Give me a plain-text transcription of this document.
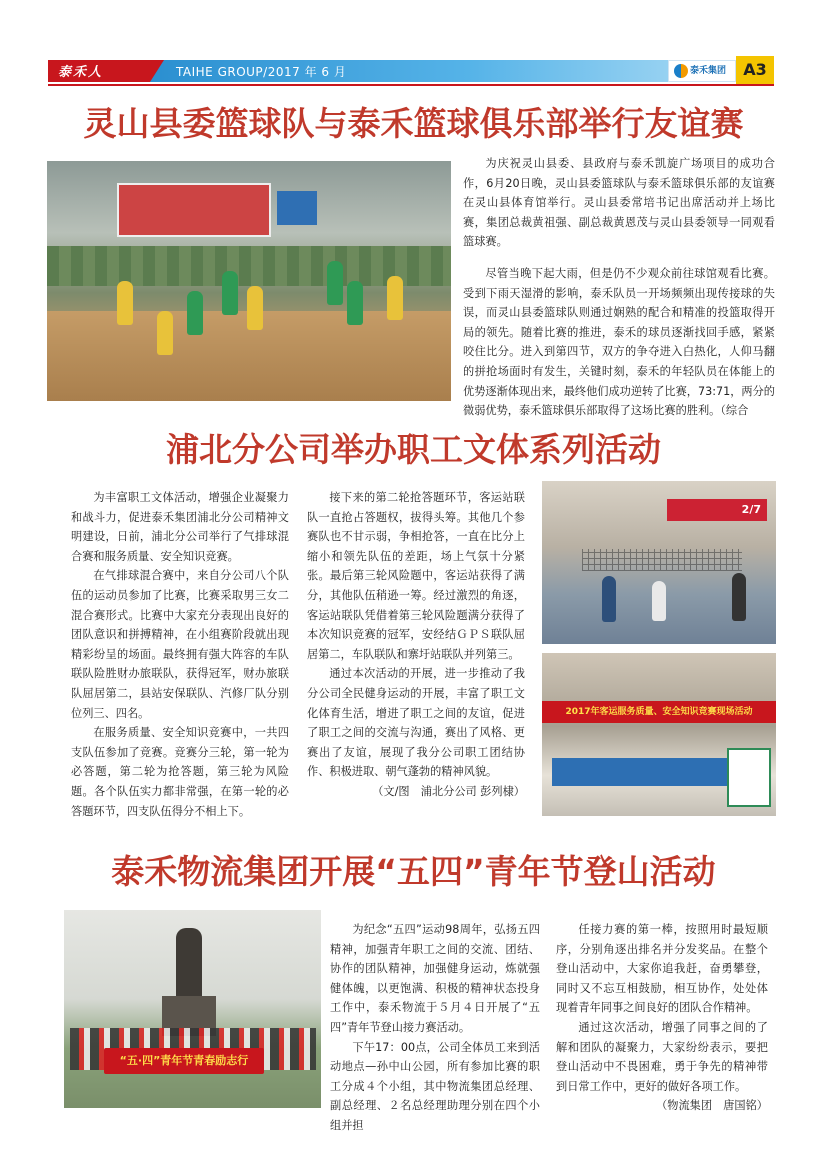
泰禾人	TAIHE GROUP/2017 年 6 月	泰禾集团	A3
灵山县委篮球队与泰禾篮球俱乐部举行友谊赛

为庆祝灵山县委、县政府与泰禾凯旋广场项目的成功合作，6月20日晚，灵山县委篮球队与泰禾篮球俱乐部的友谊赛在灵山县体育馆举行。灵山县委常培书记出席活动并上场比赛，集团总裁黄祖强、副总裁黄恩茂与灵山县委领导一同观看篮球赛。

尽管当晚下起大雨，但是仍不少观众前往球馆观看比赛。受到下雨天湿滑的影响，泰禾队员一开场频频出现传接球的失误，而灵山县委篮球队则通过娴熟的配合和精准的投篮取得开局的领先。随着比赛的推进，泰禾的球员逐渐找回手感，紧紧咬住比分。进入到第四节，双方的争夺进入白热化，人仰马翻的拼抢场面时有发生，关键时刻，泰禾的年轻队员在体能上的优势逐渐体现出来，最终他们成功逆转了比赛，73:71，两分的微弱优势，泰禾篮球俱乐部取得了这场比赛的胜利。（综合

浦北分公司举办职工文体系列活动

为丰富职工文体活动，增强企业凝聚力和战斗力，促进泰禾集团浦北分公司精神文明建设，日前，浦北分公司举行了气排球混合赛和服务质量、安全知识竞赛。

在气排球混合赛中，来自分公司八个队伍的运动员参加了比赛，比赛采取男三女二混合赛形式。比赛中大家充分表现出良好的团队意识和拼搏精神，在小组赛阶段就出现精彩纷呈的场面。最终拥有强大阵容的车队联队险胜财办旅联队，获得冠军，财办旅联队屈居第二，县站安保联队、汽修厂队分别位列三、四名。

在服务质量、安全知识竞赛中，一共四支队伍参加了竞赛。竞赛分三轮，第一轮为必答题，第二轮为抢答题，第三轮为风险题。各个队伍实力都非常强，在第一轮的必答题环节，四支队伍得分不相上下。

接下来的第二轮抢答题环节，客运站联队一直抢占答题权，拔得头筹。其他几个参赛队也不甘示弱，争相抢答，一直在比分上缩小和领先队伍的差距，场上气氛十分紧张。最后第三轮风险题中，客运站获得了满分，其他队伍稍逊一筹。经过激烈的角逐，客运站联队凭借着第三轮风险题满分获得了本次知识竞赛的冠军，安经结ＧＰＳ联队屈居第二，车队联队和寨圩站联队并列第三。

通过本次活动的开展，进一步推动了我分公司全民健身运动的开展，丰富了职工文化体育生活，增进了职工之间的友谊，促进了职工之间的交流与沟通，赛出了风格、更赛出了友谊，展现了我分公司职工团结协作、积极进取、朝气蓬勃的精神风貌。

（文/图　浦北分公司 彭列棣）
2/7
2017年客运服务质量、安全知识竞赛现场活动
泰禾物流集团开展“五四”青年节登山活动
“五·四”青年节青春励志行

为纪念“五四”运动98周年，弘扬五四精神，加强青年职工之间的交流、团结、协作的团队精神，加强健身运动，炼就强健体魄，以更饱满、积极的精神状态投身工作中，泰禾物流于５月４日开展了“五四”青年节登山接力赛活动。

下午17：00点，公司全体员工来到活动地点—孙中山公园，所有参加比赛的职工分成４个小组，其中物流集团总经理、副总经理、２名总经理助理分别在四个小组并担

任接力赛的第一棒，按照用时最短顺序，分别角逐出排名并分发奖品。在整个登山活动中，大家你追我赶，奋勇攀登，同时又不忘互相鼓励，相互协作，处处体现着青年同事之间良好的团队合作精神。

通过这次活动，增强了同事之间的了解和团队的凝聚力，大家纷纷表示，要把登山活动中不畏困难，勇于争先的精神带到日常工作中，更好的做好各项工作。

（物流集团　唐国铭）
